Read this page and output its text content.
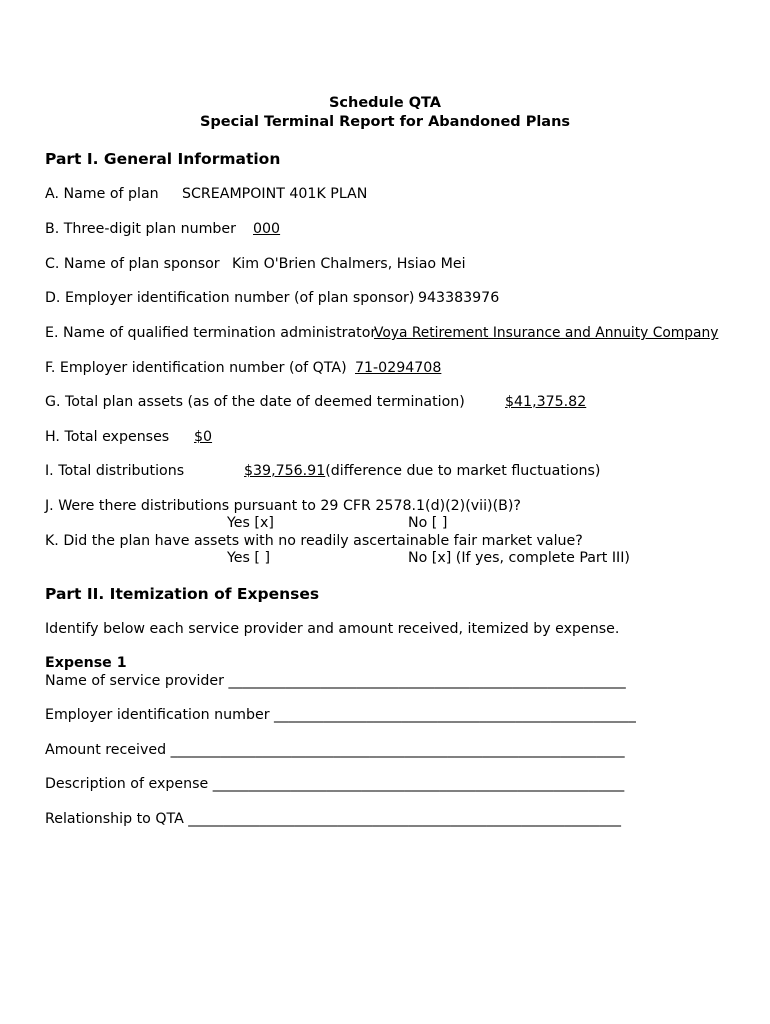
Schedule QTA
Special Terminal Report for Abandoned Plans
Part I. General Information
A. Name of plan SCREAMPOINT 401K PLAN
B. Three-digit plan number 000
C. Name of plan sponsor Kim O'Brien Chalmers, Hsiao Mei
D. Employer identification number (of plan sponsor) 943383976
E. Name of qualified termination administrator
Voya Retirement Insurance and Annuity Company
F. Employer identification number (of QTA) 71-0294708
G. Total plan assets (as of the date of deemed termination)	$41,375.82
H. Total expenses $0
I. Total distributions	$39,756.91(difference due to market fluctuations)
J. Were there distributions pursuant to 29 CFR 2578.1(d)(2)(vii)(B)?
Yes [x]	No [ ]
K. Did the plan have assets with no readily ascertainable fair market value?
Yes [ ]	No [x] (If yes, complete Part III)
Part II. Itemization of Expenses
Identify below each service provider and amount received, itemized by expense.
Expense 1
Name of service provider ________________________________________________________
Employer identification number ___________________________________________________
Amount received ________________________________________________________________
Description of expense __________________________________________________________
Relationship to QTA _____________________________________________________________
